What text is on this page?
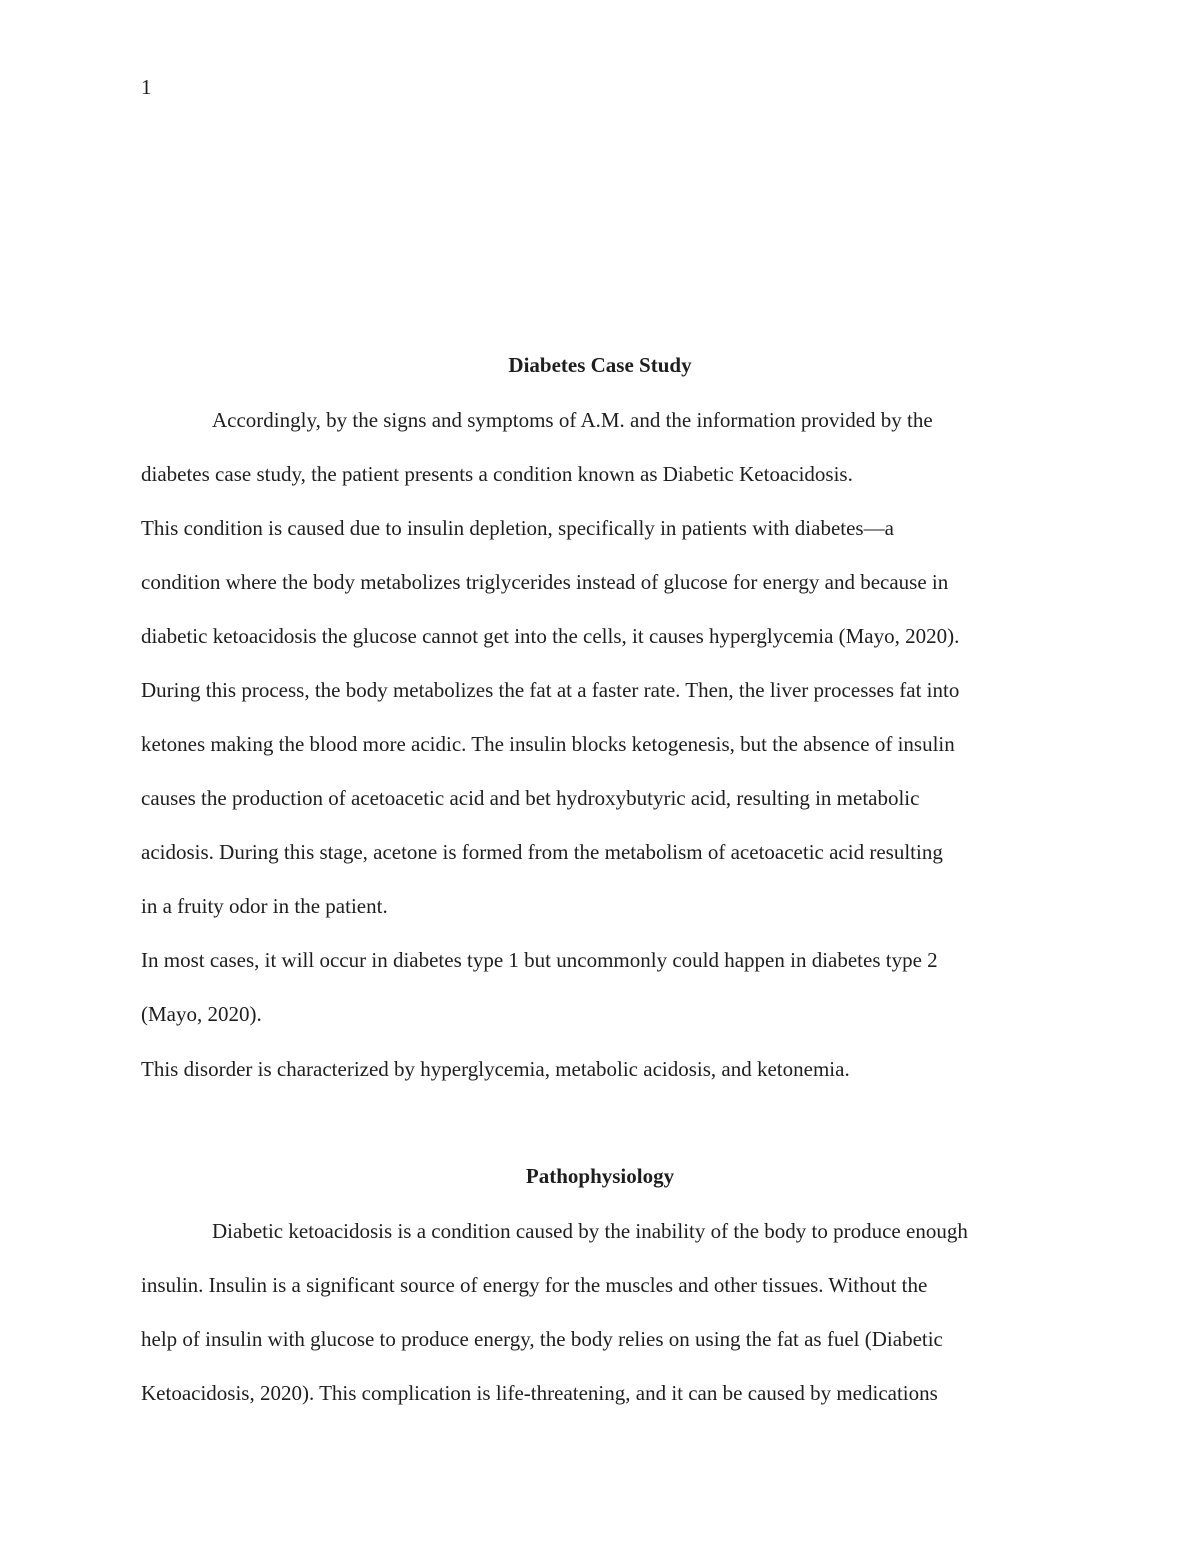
1

Diabetes Case Study

Accordingly, by the signs and symptoms of A.M. and the information provided by the

diabetes case study, the patient presents a condition known as Diabetic Ketoacidosis.

This condition is caused due to insulin depletion, specifically in patients with diabetes—a

condition where the body metabolizes triglycerides instead of glucose for energy and because in

diabetic ketoacidosis the glucose cannot get into the cells, it causes hyperglycemia (Mayo, 2020).

During this process, the body metabolizes the fat at a faster rate. Then, the liver processes fat into

ketones making the blood more acidic. The insulin blocks ketogenesis, but the absence of insulin

causes the production of acetoacetic acid and bet hydroxybutyric acid, resulting in metabolic

acidosis. During this stage, acetone is formed from the metabolism of acetoacetic acid resulting

in a fruity odor in the patient.

In most cases, it will occur in diabetes type 1 but uncommonly could happen in diabetes type 2

(Mayo, 2020).

This disorder is characterized by hyperglycemia, metabolic acidosis, and ketonemia.

Pathophysiology

Diabetic ketoacidosis is a condition caused by the inability of the body to produce enough

insulin. Insulin is a significant source of energy for the muscles and other tissues. Without the

help of insulin with glucose to produce energy, the body relies on using the fat as fuel (Diabetic

Ketoacidosis, 2020). This complication is life-threatening, and it can be caused by medications
